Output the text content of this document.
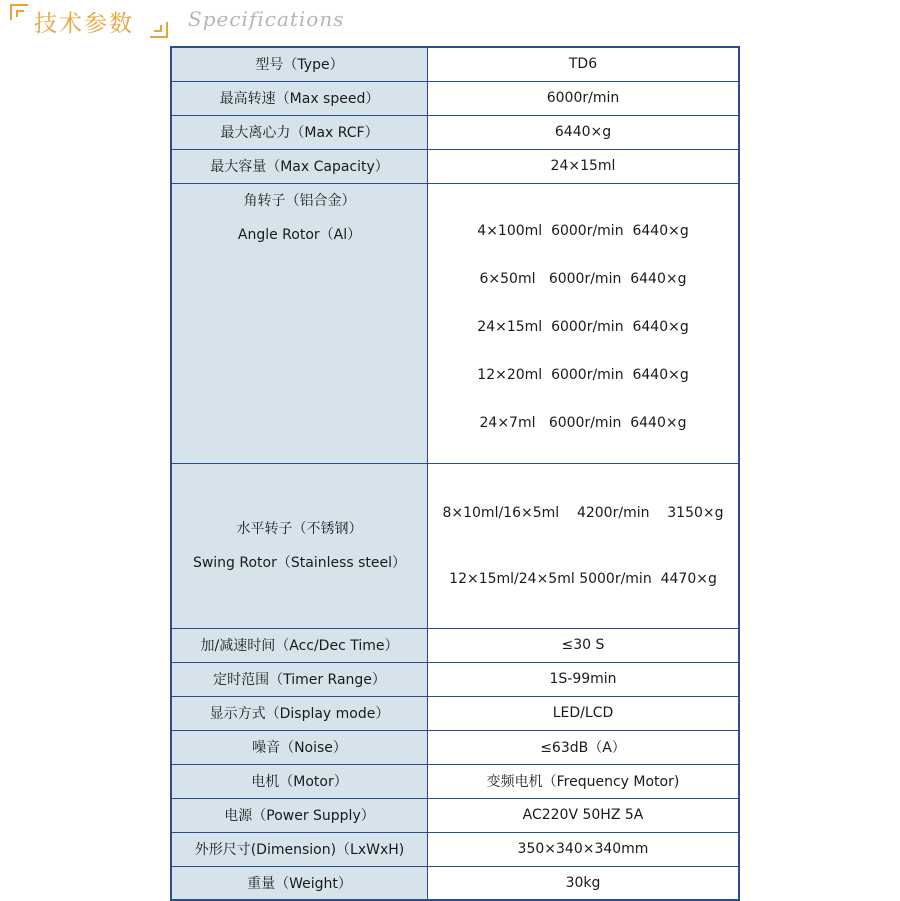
技术参数	Specifications
型号（Type）	TD6
最高转速（Max speed）	6000r/min
最大离心力（Max RCF）	6440×g
最大容量（Max Capacity）	24×15ml

角转子（铝合金）
Angle Rotor（Al）	4×100ml  6000r/min  6440×g

6×50ml   6000r/min  6440×g

24×15ml  6000r/min  6440×g

12×20ml  6000r/min  6440×g

24×7ml   6000r/min  6440×g

水平转子（不锈钢）
Swing Rotor（Stainless steel）	8×10ml/16×5ml    4200r/min    3150×g

12×15ml/24×5ml 5000r/min  4470×g

加/减速时间（Acc/Dec Time）	≤30 S
定时范围（Timer Range）	1S-99min
显示方式（Display mode）	LED/LCD
噪音（Noise）	≤63dB（A）
电机（Motor）	变频电机（Frequency Motor)
电源（Power Supply）	AC220V 50HZ 5A
外形尺寸(Dimension)（LxWxH)	350×340×340mm
重量（Weight）	30kg
